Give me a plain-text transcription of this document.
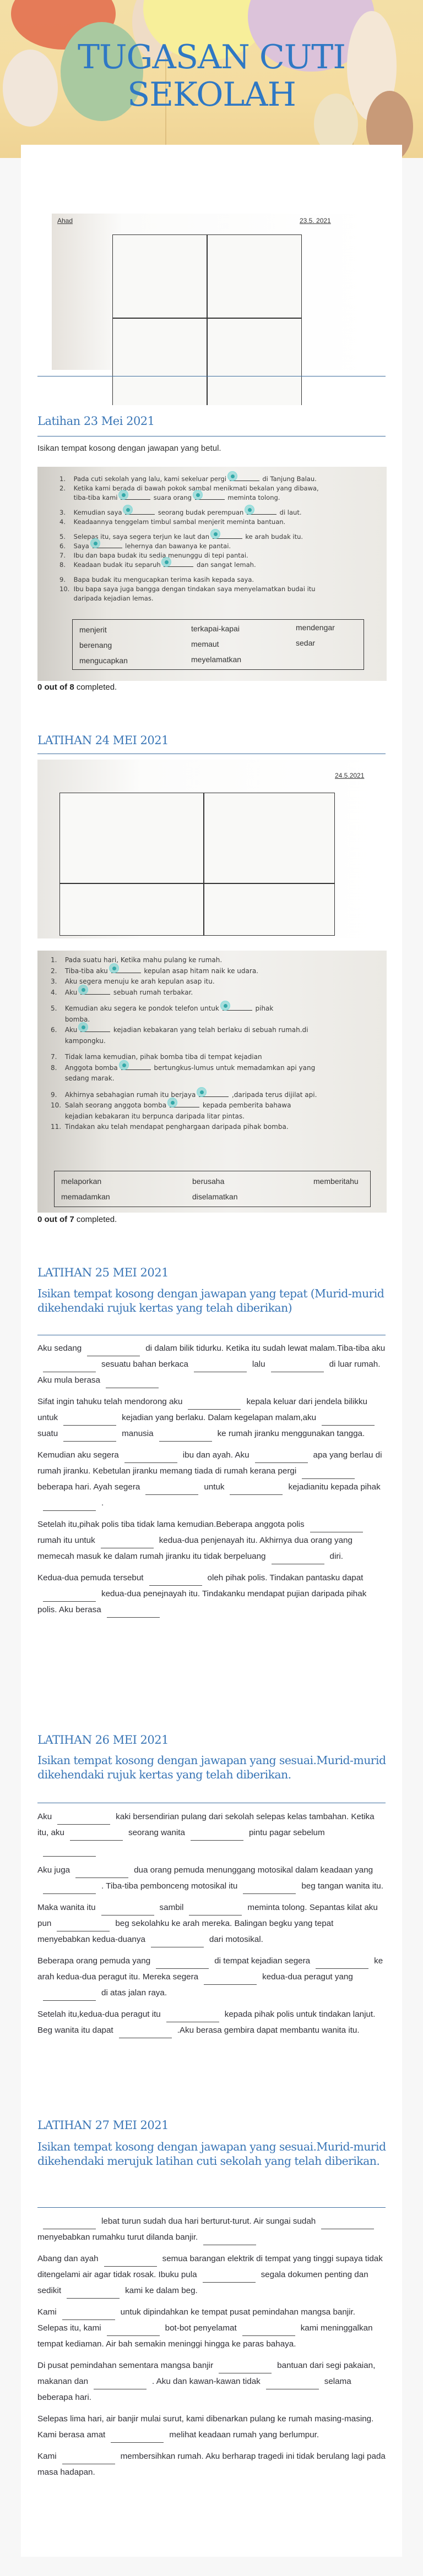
TUGASAN CUTI
SEKOLAH
Ahad	23.5. 2021
Latihan 23 Mei 2021
Isikan tempat kosong dengan jawapan yang betul.
1. Pada cuti sekolah yang lalu, kami sekeluar pergi	di Tanjung Balau.
2. Ketika kami berada di bawah pokok sambal menikmati bekalan yang dibawa,
tiba-tiba kami	suara orang	meminta tolong.
3. Kemudian saya	seorang budak perempuan	di laut.
4. Keadaannya tenggelam timbul sambal menjerit meminta bantuan.
5. Selepas itu, saya segera terjun ke laut dan	ke arah budak itu.
6. Saya	lehernya dan bawanya ke pantai.
7. Ibu dan bapa budak itu sedia menunggu di tepi pantai.
8. Keadaan budak itu separuh	dan sangat lemah.
9. Bapa budak itu mengucapkan terima kasih kepada saya.
10. Ibu bapa saya juga bangga dengan tindakan saya menyelamatkan budai itu
daripada kejadian lemas.
menjerit
berenang
mengucapkan
terkapai-kapai
memaut
meyelamatkan
mendengar
sedar
0 out of 8 completed.
LATIHAN 24 MEI 2021
24.5.2021
1. Pada suatu hari, Ketika mahu pulang ke rumah.
2. Tiba-tiba aku	kepulan asap hitam naik ke udara.
3. Aku segera menuju ke arah kepulan asap itu.
4. Aku	sebuah rumah terbakar.
5. Kemudian aku segera ke pondok telefon untuk	pihak
bomba.
6. Aku	kejadian kebakaran yang telah berlaku di sebuah rumah.di
kampongku.
7. Tidak lama kemudian, pihak bomba tiba di tempat kejadian
8. Anggota bomba	bertungkus-lumus untuk memadamkan api yang
sedang marak.
9. Akhirnya sebahagian rumah itu berjaya	,daripada terus dijilat api.
10. Salah seorang anggota bomba	kepada pemberita bahawa
kejadian kebakaran itu berpunca daripada litar pintas.
11. Tindakan aku telah mendapat penghargaan daripada pihak bomba.
melaporkan
memadamkan
berusaha
diselamatkan
memberitahu
0 out of 7 completed.
LATIHAN 25 MEI 2021
Isikan tempat kosong dengan jawapan yang tepat (Murid-murid dikehendaki rujuk kertas yang telah diberikan)

Aku sedang	di dalam bilik tidurku. Ketika itu sudah lewat malam.Tiba-tiba akusesuatu bahan berkaca	lalu	di luar rumah. Aku mula berasa

Sifat ingin tahuku telah mendorong aku	kepala keluar dari jendela bilikku untuk	kejadian yang berlaku. Dalam kegelapan malam,akusuatu	manusia	ke rumah jiranku menggunakan tangga.

Kemudian aku segera	ibu dan ayah. Aku	apa yang berlau di rumah jiranku. Kebetulan jiranku memang tiada di rumah kerana pergibeberapa hari. Ayah segera	untuk	kejadianitu kepada pihak.

Setelah itu,pihak polis tiba tidak lama kemudian.Beberapa anggota polisrumah itu untuk	kedua-dua penjenayah itu. Akhirnya dua orang yang memecah masuk ke dalam rumah jiranku itu tidak berpeluang	diri.

Kedua-dua pemuda tersebut	oleh pihak polis. Tindakan pantasku dapatkedua-dua penejnayah itu. Tindakanku mendapat pujian daripada pihak polis. Aku berasa

LATIHAN 26 MEI 2021
Isikan tempat kosong dengan jawapan yang sesuai.Murid-murid dikehendaki rujuk kertas yang telah diberikan.

Aku	kaki bersendirian pulang dari sekolah selepas kelas tambahan. Ketika itu, aku	seorang wanita	pintu pagar sebelum

Aku juga	dua orang pemuda menunggang motosikal dalam keadaan yang. Tiba-tiba pembonceng motosikal itu	beg tangan wanita itu.

Maka wanita itu	sambil	meminta tolong. Sepantas kilat aku pun	beg sekolahku ke arah mereka. Balingan begku yang tepat menyebabkan kedua-duanya	dari motosikal.

Beberapa orang pemuda yang	di tempat kejadian segera	ke arah kedua-dua peragut itu. Mereka segera	kedua-dua peragut yangdi atas jalan raya.

Setelah itu,kedua-dua peragut itu	kepada pihak polis untuk tindakan lanjut. Beg wanita itu dapat	.Aku berasa gembira dapat membantu wanita itu.

LATIHAN 27 MEI 2021
Isikan tempat kosong dengan jawapan yang sesuai.Murid-murid dikehendaki merujuk latihan cuti sekolah yang telah diberikan.

lebat turun sudah dua hari berturut-turut. Air sungai sudahmenyebabkan rumahku turut dilanda banjir.

Abang dan ayah	semua barangan elektrik di tempat yang tinggi supaya tidak ditengelami air agar tidak rosak. Ibuku pula	segala dokumen penting dan sedikit	kami ke dalam beg.

Kami	untuk dipindahkan ke tempat pusat pemindahan mangsa banjir. Selepas itu, kami	bot-bot penyelamat	kami meninggalkan tempat kediaman. Air bah semakin meninggi hingga ke paras bahaya.

Di pusat pemindahan sementara mangsa banjir	bantuan dari segi pakaian, makanan dan	. Aku dan kawan-kawan tidak	selama beberapa hari.

Selepas lima hari, air banjir mulai surut, kami dibenarkan pulang ke rumah masing-masing. Kami berasa amat	melihat keadaan rumah yang berlumpur.

Kami	membersihkan rumah. Aku berharap tragedi ini tidak berulang lagi pada masa hadapan.
